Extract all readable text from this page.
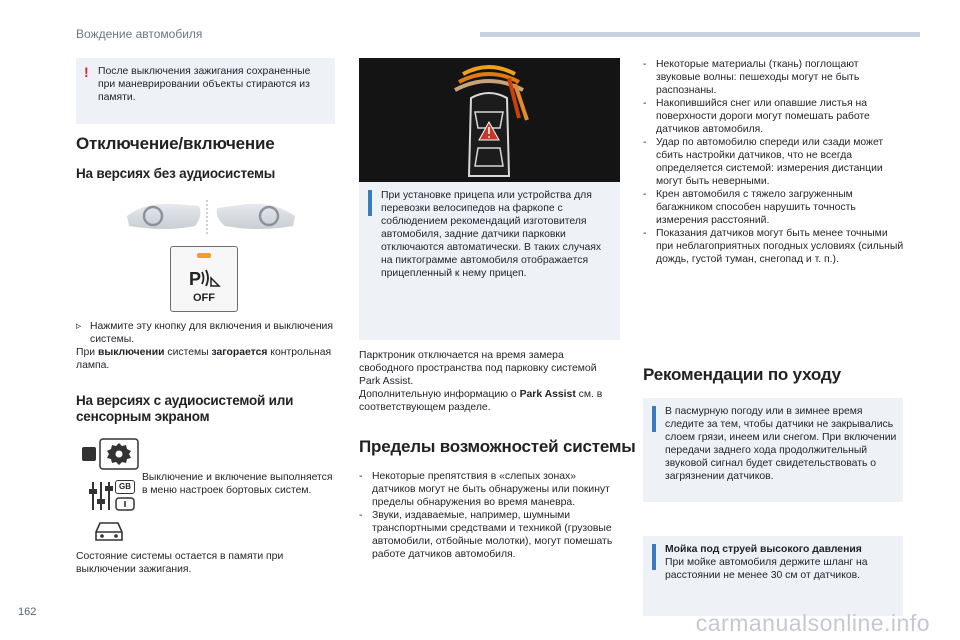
Вождение автомобиля
! После выключения зажигания сохраненные при маневрировании объекты стираются из памяти.
Отключение/включение
На версиях без аудиосистемы
P
OFF
▹ Нажмите эту кнопку для включения и выключения системы.
При выключении системы загорается контрольная лампа.
На версиях с аудиосистемой или сенсорным экраном
GB
Выключение и включение выполняется в меню настроек бортовых систем.
Состояние системы остается в памяти при выключении зажигания.
При установке прицепа или устройства для перевозки велосипедов на фаркопе с соблюдением рекомендаций изготовителя автомобиля, задние датчики парковки отключаются автоматически. В таких случаях на пиктограмме автомобиля отображается прицепленный к нему прицеп.

Парктроник отключается на время замера свободного пространства под парковку системой Park Assist.

Дополнительную информацию о Park Assist см. в соответствующем разделе.

Пределы возможностей системы
- Некоторые препятствия в «слепых зонах» датчиков могут не быть обнаружены или покинут пределы обнаружения во время маневра.
- Звуки, издаваемые, например, шумными транспортными средствами и техникой (грузовые автомобили, отбойные молотки), могут помешать работе датчиков автомобиля.
- Некоторые материалы (ткань) поглощают звуковые волны: пешеходы могут не быть распознаны.
- Накопившийся снег или опавшие листья на поверхности дороги могут помешать работе датчиков автомобиля.
- Удар по автомобилю спереди или сзади может сбить настройки датчиков, что не всегда определяется системой: измерения дистанции могут быть неверными.
- Крен автомобиля с тяжело загруженным багажником способен нарушить точность измерения расстояний.
- Показания датчиков могут быть менее точными при неблагоприятных погодных условиях (сильный дождь, густой туман, снегопад и т. п.).
Рекомендации по уходу
В пасмурную погоду или в зимнее время следите за тем, чтобы датчики не закрывались слоем грязи, инеем или снегом. При включении передачи заднего хода продолжительный звуковой сигнал будет свидетельствовать о загрязнении датчиков.

Мойка под струей высокого давления

При мойке автомобиля держите шланг на расстоянии не менее 30 см от датчиков.

162	carmanualsonline.info
